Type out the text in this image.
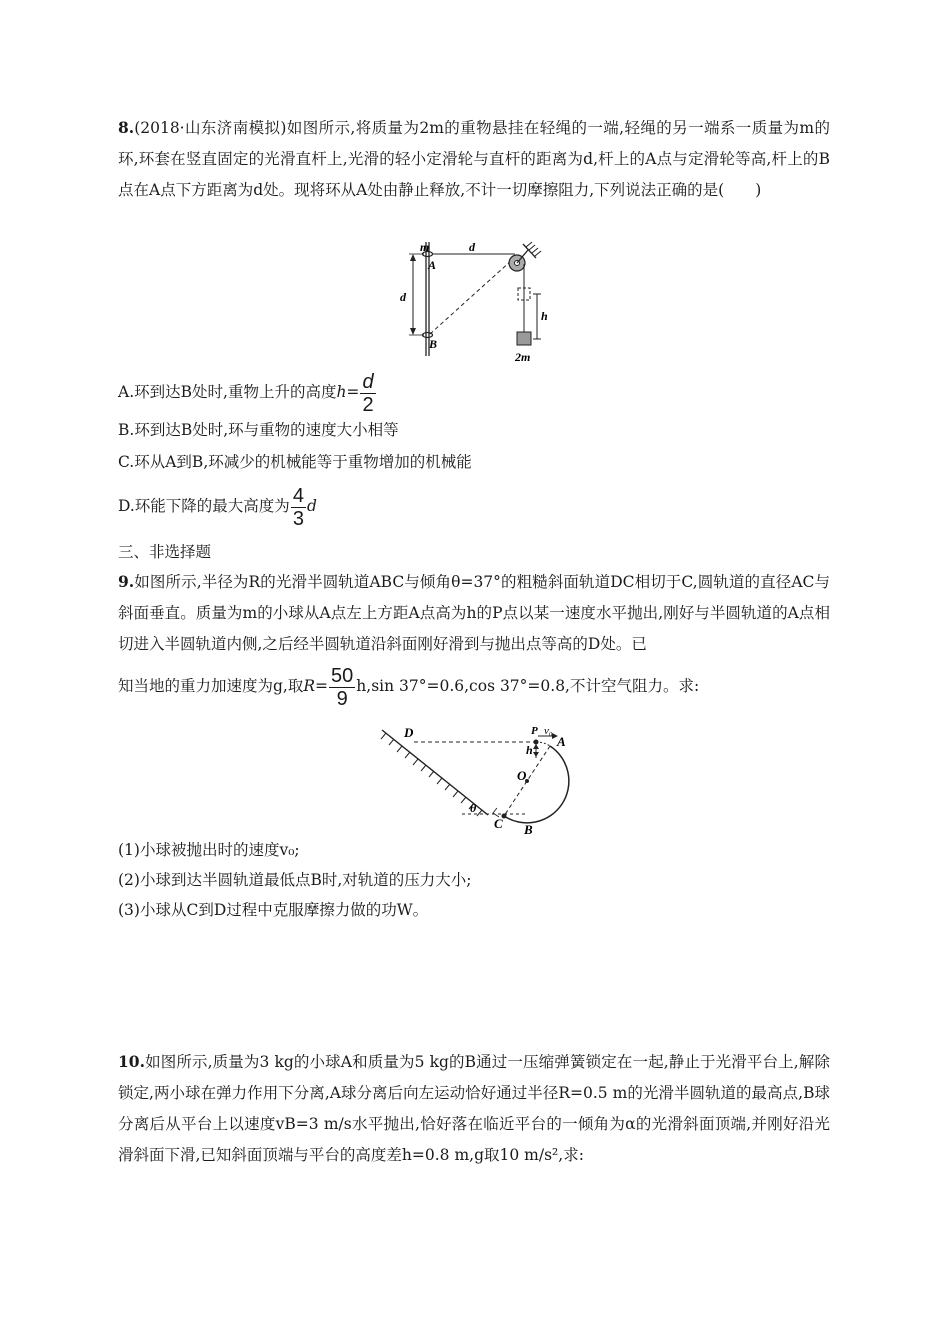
8.(2018·山东济南模拟)如图所示,将质量为2m的重物悬挂在轻绳的一端,轻绳的另一端系一质量为m的环,环套在竖直固定的光滑直杆上,光滑的轻小定滑轮与直杆的距离为d,杆上的A点与定滑轮等高,杆上的B点在A点下方距离为d处。现将环从A处由静止释放,不计一切摩擦阻力,下列说法正确的是(　　)
m
A
d
d
B
h
2m
A.环到达B处时,重物上升的高度$h= \frac{d}{2}$
B.环到达B处时,环与重物的速度大小相等
C.环从A到B,环减少的机械能等于重物增加的机械能
D.环能下降的最大高度为 $\frac{4}{3}$ d
三、非选择题
9.如图所示,半径为R的光滑半圆轨道ABC与倾角θ=37°的粗糙斜面轨道DC相切于C,圆轨道的直径AC与斜面垂直。质量为m的小球从A点左上方距A点高为h的P点以某一速度水平抛出,刚好与半圆轨道的A点相切进入半圆轨道内侧,之后经半圆轨道沿斜面刚好滑到与抛出点等高的D处。已
知当地的重力加速度为g,取$R= \frac{50}{9} h,\sin$ 37°=0.6,cos 37°=0.8,不计空气阻力。求:
D	P v₀
A
h
O
θ
C B
(1)小球被抛出时的速度v₀;
(2)小球到达半圆轨道最低点B时,对轨道的压力大小;
(3)小球从C到D过程中克服摩擦力做的功W。
10.如图所示,质量为3 kg的小球A和质量为5 kg的B通过一压缩弹簧锁定在一起,静止于光滑平台上,解除锁定,两小球在弹力作用下分离,A球分离后向左运动恰好通过半径R=0.5 m的光滑半圆轨道的最高点,B球分离后从平台上以速度vB=3 m/s水平抛出,恰好落在临近平台的一倾角为α的光滑斜面顶端,并刚好沿光滑斜面下滑,已知斜面顶端与平台的高度差h=0.8 m,g取10 m/s²,求:
